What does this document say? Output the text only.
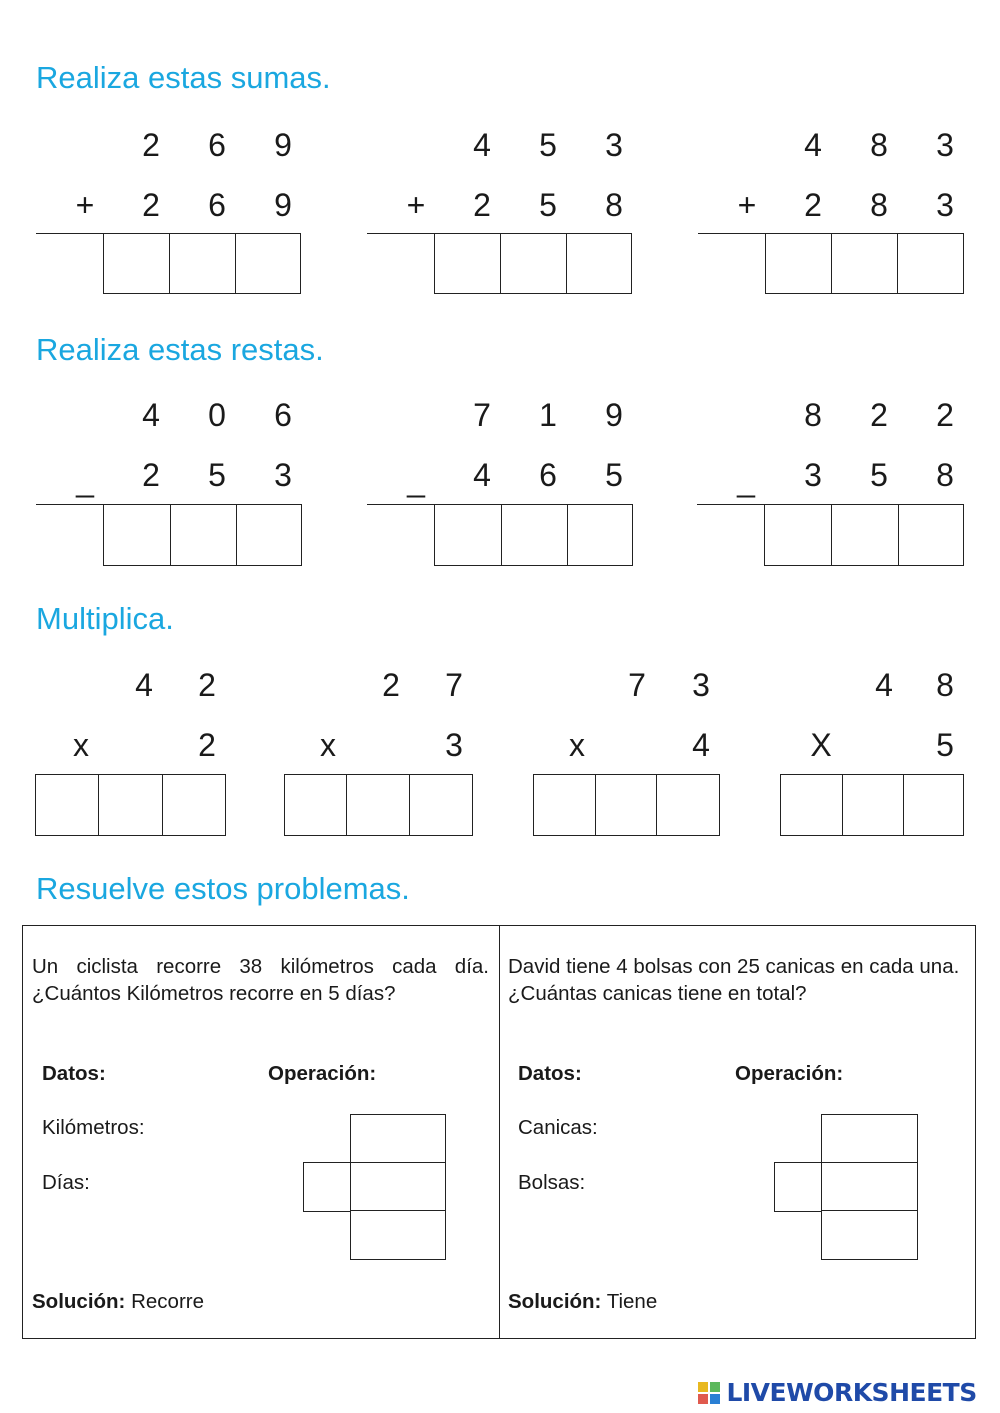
Realiza estas sumas.
Realiza estas restas.
Multiplica.
Resuelve estos problemas.
2 6 9
+ 2 6 9
4 5 3
+ 2 5 8
4 8 3
+ 2 8 3
4 0 6
_ 2 5 3
7 1 9
_ 4 6 5
8 2 2
_ 3 5 8
4 2
x	2
2 7
x	3
7 3
x	4
4 8
X	5
Un ciclista recorre 38 kilómetros cada día. ¿Cuántos Kilómetros recorre en 5 días?
Datos:	Operación:
Kilómetros:
Días:
Solución: Recorre
David tiene 4 bolsas con 25 canicas en cada una. ¿Cuántas canicas tiene en total?
Datos:	Operación:
Canicas:
Bolsas:
Solución: Tiene
LIVEWORKSHEETS
